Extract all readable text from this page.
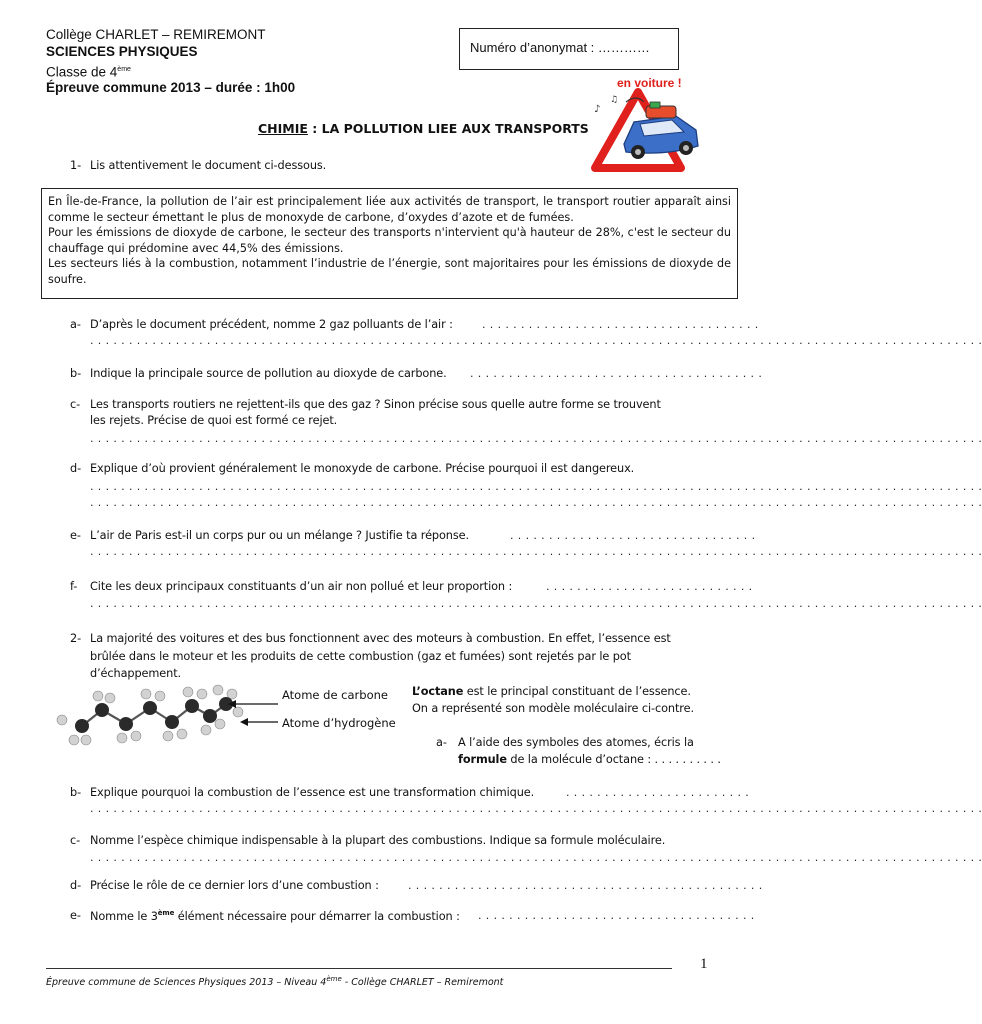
Collège CHARLET – REMIREMONT
SCIENCES PHYSIQUES
Classe de 4ème
Épreuve commune 2013 – durée : 1h00
Numéro d’anonymat : …………
en voiture !
♪
♫
CHIMIE : LA POLLUTION LIEE AUX TRANSPORTS
1- Lis attentivement le document ci-dessous.

En Île-de-France, la pollution de l’air est principalement liée aux activités de transport, le transport routier apparaît ainsi comme le secteur émettant le plus de monoxyde de carbone, d’oxydes d’azote et de fumées.

Pour les émissions de dioxyde de carbone, le secteur des transports n'intervient qu'à hauteur de 28%, c'est le secteur du chauffage qui prédomine avec 44,5% des émissions.

Les secteurs liés à la combustion, notamment l’industrie de l’énergie, sont majoritaires pour les émissions de dioxyde de soufre.

a- D’après le document précédent, nomme 2 gaz polluants de l’air :	. . . . . . . . . . . . . . . . . . . . . . . . . . . . . . . . . . . .
. . . . . . . . . . . . . . . . . . . . . . . . . . . . . . . . . . . . . . . . . . . . . . . . . . . . . . . . . . . . . . . . . . . . . . . . . . . . . . . . . . . . . . . . . . . . . . . . . . . . . . . . . . . . . . . . . . .
b- Indique la principale source de pollution au dioxyde de carbone. . . . . . . . . . . . . . . . . . . . . . . . . . . . . . . . . . . . . . .
c- Les transports routiers ne rejettent-ils que des gaz ? Sinon précise sous quelle autre forme se trouvent
les rejets. Précise de quoi est formé ce rejet.
. . . . . . . . . . . . . . . . . . . . . . . . . . . . . . . . . . . . . . . . . . . . . . . . . . . . . . . . . . . . . . . . . . . . . . . . . . . . . . . . . . . . . . . . . . . . . . . . . . . . . . . . . . . . . . . . . . .
d- Explique d’où provient généralement le monoxyde de carbone. Précise pourquoi il est dangereux.
. . . . . . . . . . . . . . . . . . . . . . . . . . . . . . . . . . . . . . . . . . . . . . . . . . . . . . . . . . . . . . . . . . . . . . . . . . . . . . . . . . . . . . . . . . . . . . . . . . . . . . . . . . . . . . . . . . .
. . . . . . . . . . . . . . . . . . . . . . . . . . . . . . . . . . . . . . . . . . . . . . . . . . . . . . . . . . . . . . . . . . . . . . . . . . . . . . . . . . . . . . . . . . . . . . . . . . . . . . . . . . . . . . . . . . .
e- L’air de Paris est-il un corps pur ou un mélange ? Justifie ta réponse.	. . . . . . . . . . . . . . . . . . . . . . . . . . . . . . . .
. . . . . . . . . . . . . . . . . . . . . . . . . . . . . . . . . . . . . . . . . . . . . . . . . . . . . . . . . . . . . . . . . . . . . . . . . . . . . . . . . . . . . . . . . . . . . . . . . . . . . . . . . . . . . . . . . . .
f- Cite les deux principaux constituants d’un air non pollué et leur proportion :	. . . . . . . . . . . . . . . . . . . . . . . . . . .
. . . . . . . . . . . . . . . . . . . . . . . . . . . . . . . . . . . . . . . . . . . . . . . . . . . . . . . . . . . . . . . . . . . . . . . . . . . . . . . . . . . . . . . . . . . . . . . . . . . . . . . . . . . . . . . . . . .
2- La majorité des voitures et des bus fonctionnent avec des moteurs à combustion. En effet, l’essence est
brûlée dans le moteur et les produits de cette combustion (gaz et fumées) sont rejetés par le pot
d’échappement.
Atome de carbone
Atome d’hydrogène
L’octane est le principal constituant de l’essence.
On a représenté son modèle moléculaire ci-contre.
a- A l’aide des symboles des atomes, écris la
formule de la molécule d’octane : . . . . . . . . . .
b- Explique pourquoi la combustion de l’essence est une transformation chimique.	. . . . . . . . . . . . . . . . . . . . . . . .
. . . . . . . . . . . . . . . . . . . . . . . . . . . . . . . . . . . . . . . . . . . . . . . . . . . . . . . . . . . . . . . . . . . . . . . . . . . . . . . . . . . . . . . . . . . . . . . . . . . . . . . . . . . . . . . . . . .
c- Nomme l’espèce chimique indispensable à la plupart des combustions. Indique sa formule moléculaire.
. . . . . . . . . . . . . . . . . . . . . . . . . . . . . . . . . . . . . . . . . . . . . . . . . . . . . . . . . . . . . . . . . . . . . . . . . . . . . . . . . . . . . . . . . . . . . . . . . . . . . . . . . . . . . . . . . . .
d- Précise le rôle de ce dernier lors d’une combustion :	. . . . . . . . . . . . . . . . . . . . . . . . . . . . . . . . . . . . . . . . . . . . . .
e- Nomme le 3ème élément nécessaire pour démarrer la combustion : . . . . . . . . . . . . . . . . . . . . . . . . . . . . . . . . . . . .
1
Épreuve commune de Sciences Physiques 2013 – Niveau 4ème - Collège CHARLET – Remiremont
